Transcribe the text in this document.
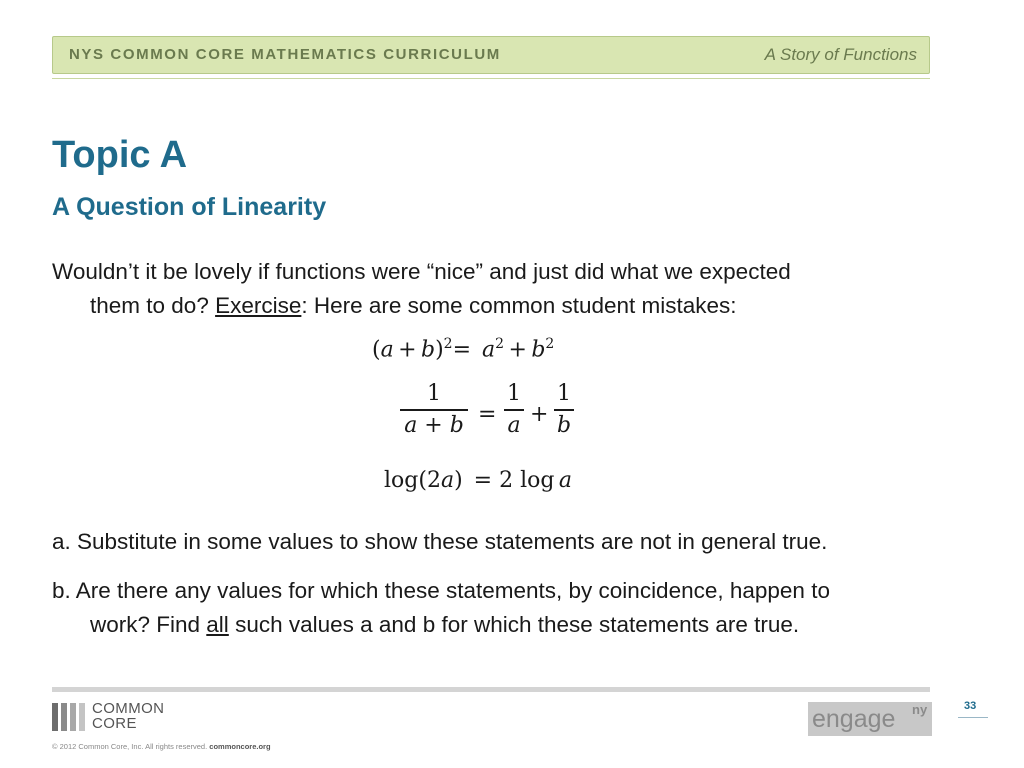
NYS COMMON CORE MATHEMATICS CURRICULUM	A Story of Functions
Topic A
A Question of Linearity
Wouldn’t it be lovely if functions were “nice” and just did what we expected
them to do? Exercise: Here are some common student mistakes:
$(a + b)^2=$  $a^2 + b^2$
1
a + b =
1
a +
1
b
log(2a)  = 2 log  a
a. Substitute in some values to show these statements are not in general true.
b. Are there any values for which these statements, by coincidence, happen to
work? Find all such values a and b for which these statements are true.
COMMON
CORE
© 2012 Common Core, Inc. All rights reserved. commoncore.org
engage ny	33
